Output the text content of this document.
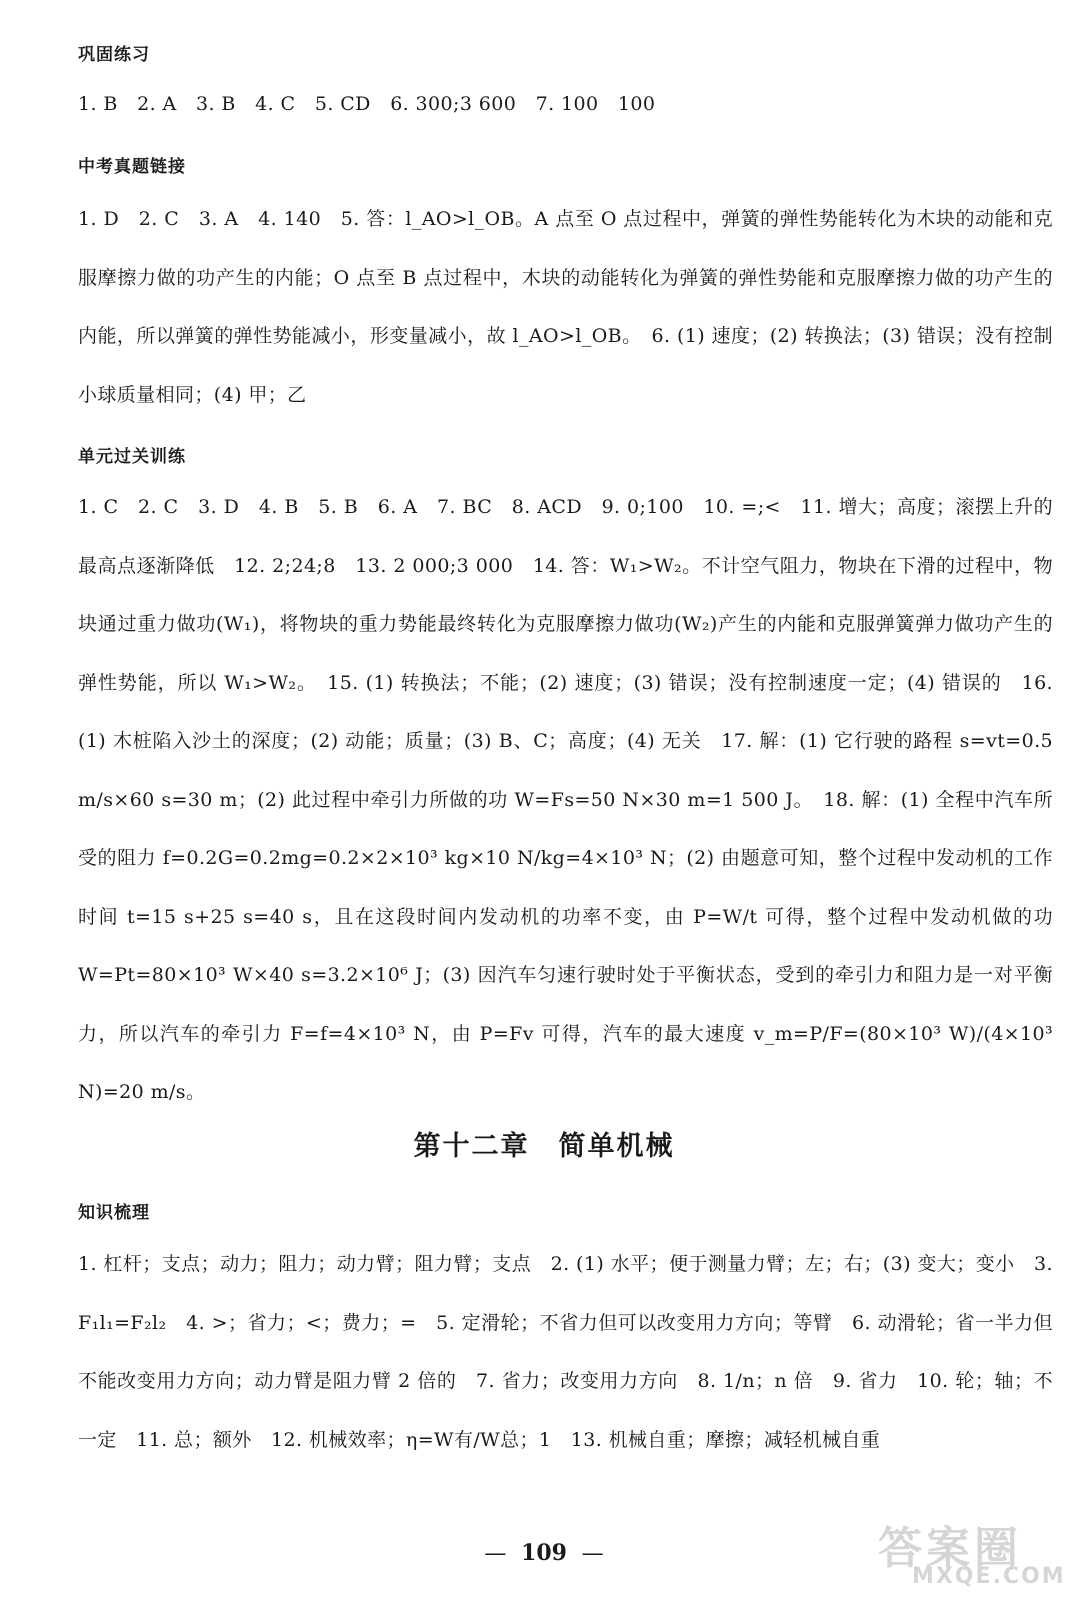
巩固练习
1. B　2. A　3. B　4. C　5. CD　6. 300;3 600　7. 100　100
中考真题链接
1. D　2. C　3. A　4. 140　5. 答：l_AO>l_OB。A 点至 O 点过程中，弹簧的弹性势能转化为木块的动能和克服摩擦力做的功产生的内能；O 点至 B 点过程中，木块的动能转化为弹簧的弹性势能和克服摩擦力做的功产生的内能，所以弹簧的弹性势能减小，形变量减小，故 l_AO>l_OB。　6. (1) 速度；(2) 转换法；(3) 错误；没有控制小球质量相同；(4) 甲；乙
单元过关训练
1. C　2. C　3. D　4. B　5. B　6. A　7. BC　8. ACD　9. 0;100　10. =;<　11. 增大；高度；滚摆上升的最高点逐渐降低　12. 2;24;8　13. 2 000;3 000　14. 答：W₁>W₂。不计空气阻力，物块在下滑的过程中，物块通过重力做功(W₁)，将物块的重力势能最终转化为克服摩擦力做功(W₂)产生的内能和克服弹簧弹力做功产生的弹性势能，所以 W₁>W₂。　15. (1) 转换法；不能；(2) 速度；(3) 错误；没有控制速度一定；(4) 错误的　16. (1) 木桩陷入沙土的深度；(2) 动能；质量；(3) B、C；高度；(4) 无关　17. 解：(1) 它行驶的路程 s=vt=0.5 m/s×60 s=30 m；(2) 此过程中牵引力所做的功 W=Fs=50 N×30 m=1 500 J。　18. 解：(1) 全程中汽车所受的阻力 f=0.2G=0.2mg=0.2×2×10³ kg×10 N/kg=4×10³ N；(2) 由题意可知，整个过程中发动机的工作时间 t=15 s+25 s=40 s，且在这段时间内发动机的功率不变，由 P=W/t 可得，整个过程中发动机做的功 W=Pt=80×10³ W×40 s=3.2×10⁶ J；(3) 因汽车匀速行驶时处于平衡状态，受到的牵引力和阻力是一对平衡力，所以汽车的牵引力 F=f=4×10³ N，由 P=Fv 可得，汽车的最大速度 v_m=P/F=(80×10³ W)/(4×10³ N)=20 m/s。
第十二章　简单机械
知识梳理
1. 杠杆；支点；动力；阻力；动力臂；阻力臂；支点　2. (1) 水平；便于测量力臂；左；右；(3) 变大；变小　3. F₁l₁=F₂l₂　4. >；省力；<；费力；=　5. 定滑轮；不省力但可以改变用力方向；等臂　6. 动滑轮；省一半力但不能改变用力方向；动力臂是阻力臂 2 倍的　7. 省力；改变用力方向　8. 1/n；n 倍　9. 省力　10. 轮；轴；不一定　11. 总；额外　12. 机械效率；η=W有/W总；1　13. 机械自重；摩擦；减轻机械自重
— 109 —	答案圈
MXQE.COM
